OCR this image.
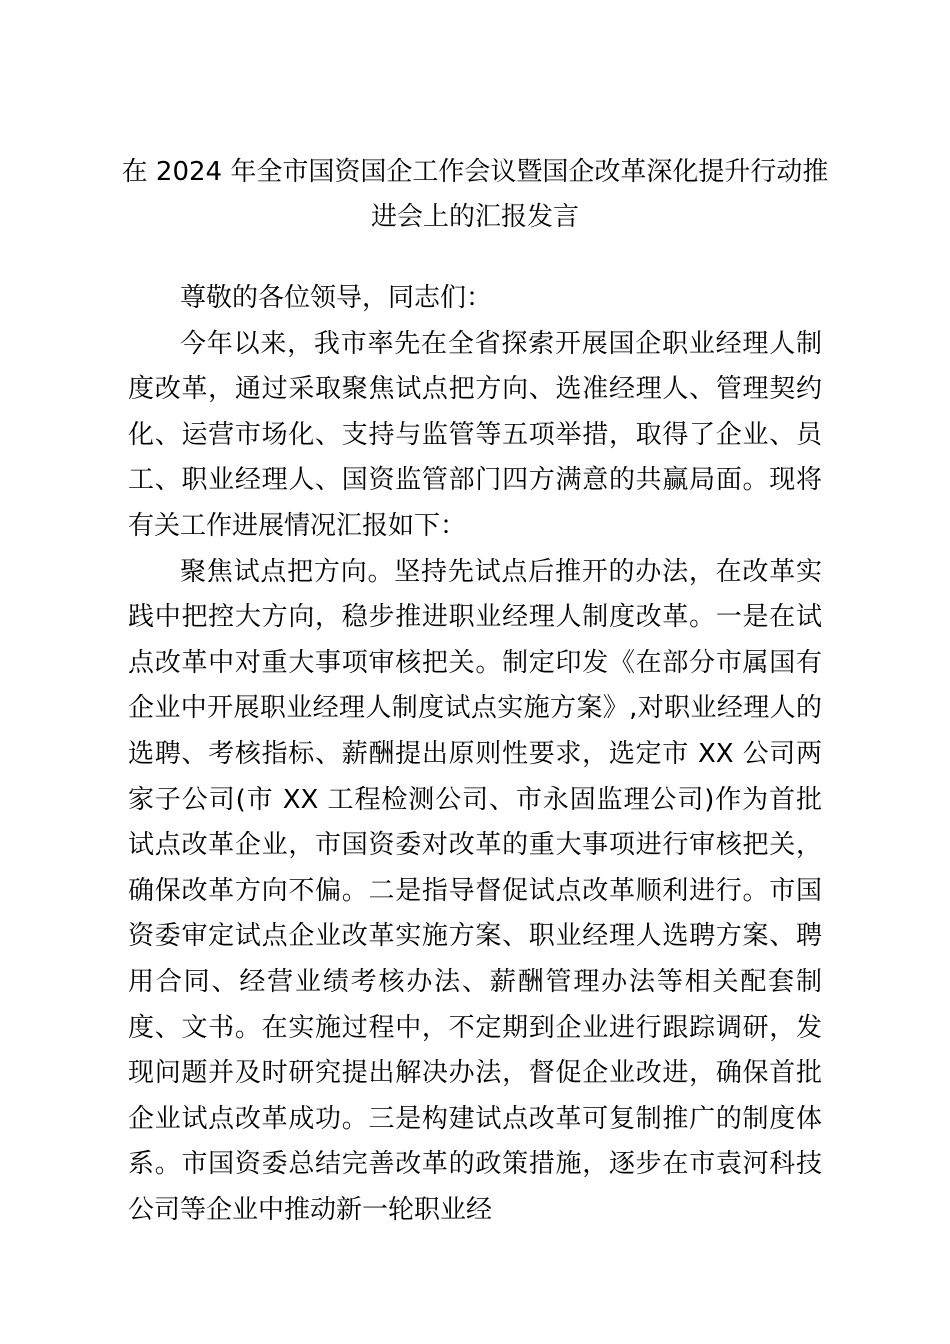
在 2024 年全市国资国企工作会议暨国企改革深化提升行动推进会上的汇报发言

尊敬的各位领导，同志们：

今年以来，我市率先在全省探索开展国企职业经理人制度改革，通过采取聚焦试点把方向、选准经理人、管理契约化、运营市场化、支持与监管等五项举措，取得了企业、员工、职业经理人、国资监管部门四方满意的共赢局面。现将有关工作进展情况汇报如下：

聚焦试点把方向。坚持先试点后推开的办法，在改革实践中把控大方向，稳步推进职业经理人制度改革。一是在试点改革中对重大事项审核把关。制定印发《在部分市属国有企业中开展职业经理人制度试点实施方案》,对职业经理人的选聘、考核指标、薪酬提出原则性要求，选定市 XX 公司两家子公司(市 XX 工程检测公司、市永固监理公司)作为首批试点改革企业，市国资委对改革的重大事项进行审核把关，确保改革方向不偏。二是指导督促试点改革顺利进行。市国资委审定试点企业改革实施方案、职业经理人选聘方案、聘用合同、经营业绩考核办法、薪酬管理办法等相关配套制度、文书。在实施过程中，不定期到企业进行跟踪调研，发现问题并及时研究提出解决办法，督促企业改进，确保首批企业试点改革成功。三是构建试点改革可复制推广的制度体系。市国资委总结完善改革的政策措施，逐步在市袁河科技公司等企业中推动新一轮职业经
